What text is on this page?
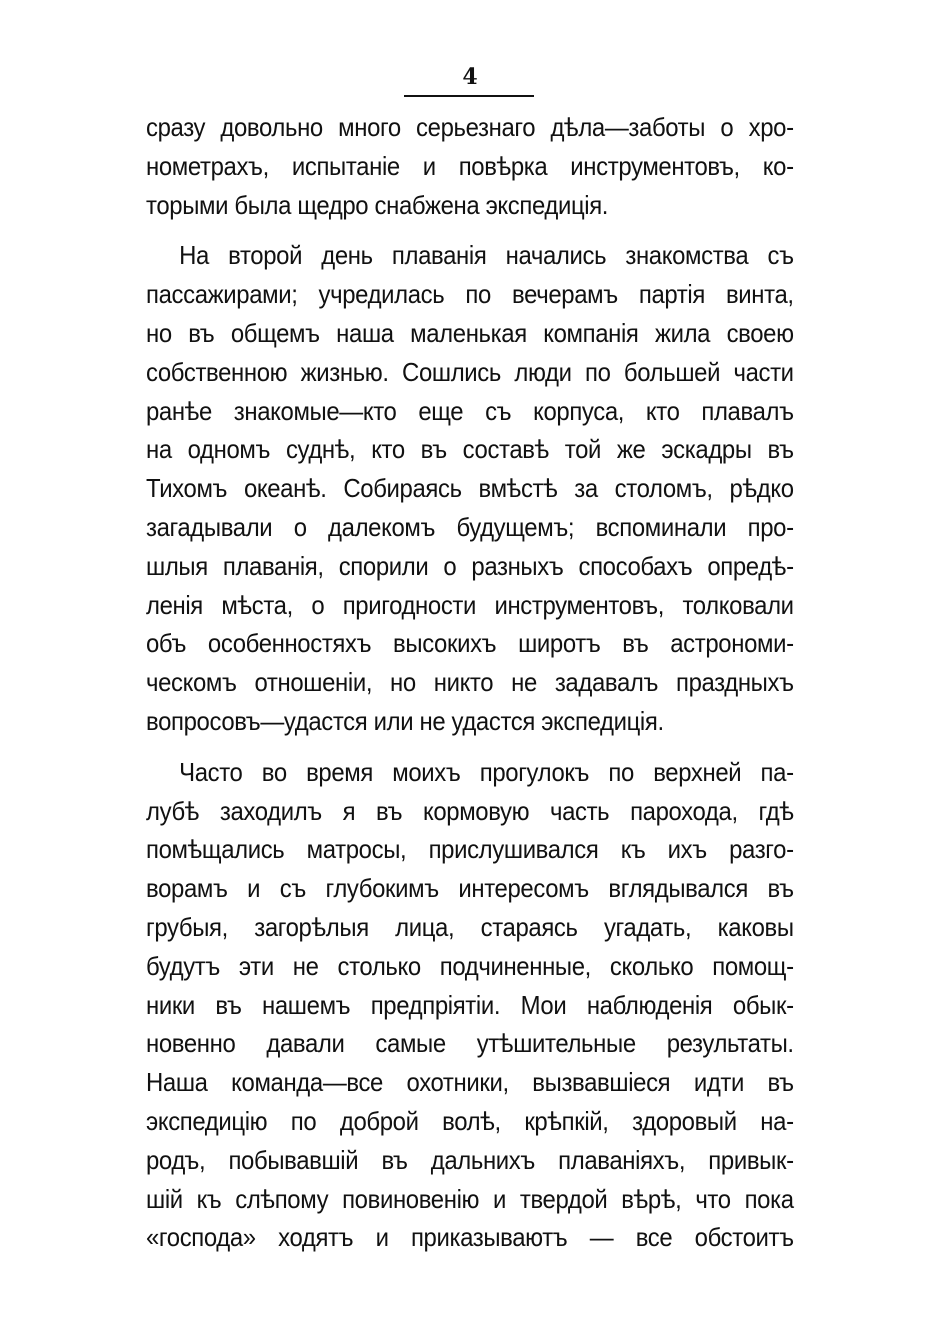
4
сразу довольно много серьезнаго дѣла—заботы о хро-
нометрахъ, испытаніе и повѣрка инструментовъ, ко-
торыми была щедро снабжена экспедиція.
На второй день плаванія начались знакомства съ
пассажирами; учредилась по вечерамъ партія винта,
но въ общемъ наша маленькая компанія жила своею
собственною жизнью. Сошлись люди по большей части
ранѣе знакомые—кто еще съ корпуса, кто плавалъ
на одномъ суднѣ, кто въ составѣ той же эскадры въ
Тихомъ океанѣ. Собираясь вмѣстѣ за столомъ, рѣдко
загадывали о далекомъ будущемъ; вспоминали про-
шлыя плаванія, спорили о разныхъ способахъ опредѣ-
ленія мѣста, о пригодности инструментовъ, толковали
объ особенностяхъ высокихъ широтъ въ астрономи-
ческомъ отношеніи, но никто не задавалъ праздныхъ
вопросовъ—удастся или не удастся экспедиція.
Часто во время моихъ прогулокъ по верхней па-
лубѣ заходилъ я въ кормовую часть парохода, гдѣ
помѣщались матросы, прислушивался къ ихъ разго-
ворамъ и съ глубокимъ интересомъ вглядывался въ
грубыя, загорѣлыя лица, стараясь угадать, каковы
будутъ эти не столько подчиненные, сколько помощ-
ники въ нашемъ предпріятіи. Мои наблюденія обык-
новенно давали самые утѣшительные результаты.
Наша команда—все охотники, вызвавшіеся идти въ
экспедицію по доброй волѣ, крѣпкій, здоровый на-
родъ, побывавшій въ дальнихъ плаваніяхъ, привык-
шій къ слѣпому повиновенію и твердой вѣрѣ, что пока
«господа» ходятъ и приказываютъ — все обстоитъ
